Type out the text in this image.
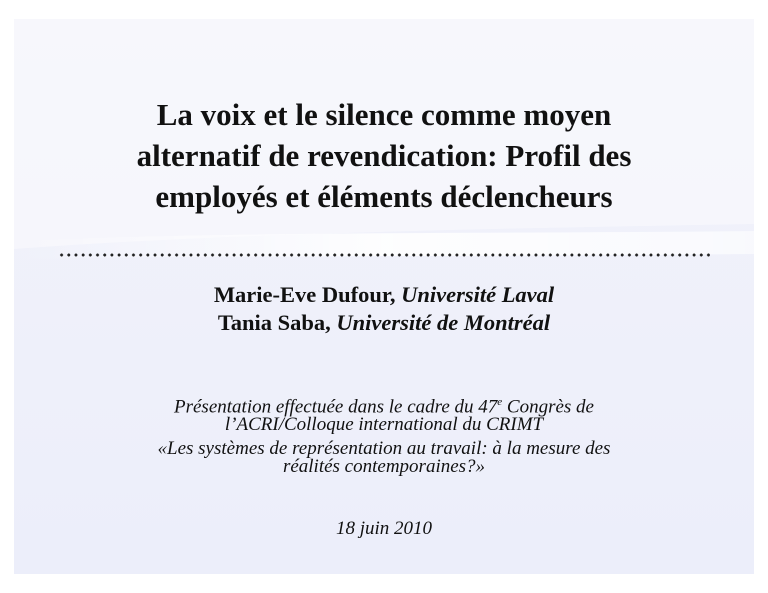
La voix et le silence comme moyen
alternatif de revendication: Profil des
employés et éléments déclencheurs
Marie-Eve Dufour, Université Laval
Tania Saba, Université de Montréal

Présentation effectuée dans le cadre du 47e Congrès de
l’ACRI/Colloque international du CRIMT

«Les systèmes de représentation au travail: à la mesure des
réalités contemporaines?»

18 juin 2010
